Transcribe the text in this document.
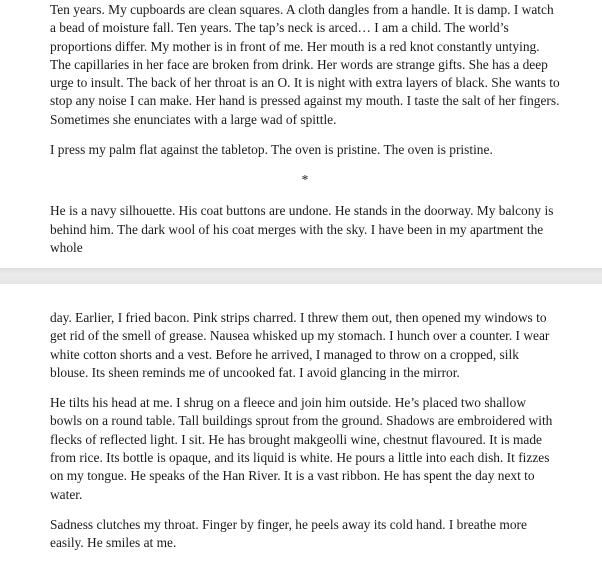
Ten years. My cupboards are clean squares. A cloth dangles from a handle. It is damp. I watch a bead of moisture fall. Ten years. The tap’s neck is arced… I am a child. The world’s proportions differ. My mother is in front of me. Her mouth is a red knot constantly untying. The capillaries in her face are broken from drink. Her words are strange gifts. She has a deep urge to insult. The back of her throat is an O. It is night with extra layers of black. She wants to stop any noise I can make. Her hand is pressed against my mouth. I taste the salt of her fingers. Sometimes she enunciates with a large wad of spittle.

I press my palm flat against the tabletop. The oven is pristine. The oven is pristine.

*

He is a navy silhouette. His coat buttons are undone. He stands in the doorway. My balcony is behind him. The dark wool of his coat merges with the sky. I have been in my apartment the whole

day. Earlier, I fried bacon. Pink strips charred. I threw them out, then opened my windows to get rid of the smell of grease. Nausea whisked up my stomach. I hunch over a counter. I wear white cotton shorts and a vest. Before he arrived, I managed to throw on a cropped, silk blouse. Its sheen reminds me of uncooked fat. I avoid glancing in the mirror.

He tilts his head at me. I shrug on a fleece and join him outside. He’s placed two shallow bowls on a round table. Tall buildings sprout from the ground. Shadows are embroidered with flecks of reflected light. I sit. He has brought makgeolli wine, chestnut flavoured. It is made from rice. Its bottle is opaque, and its liquid is white. He pours a little into each dish. It fizzes on my tongue. He speaks of the Han River. It is a vast ribbon. He has spent the day next to water.

Sadness clutches my throat. Finger by finger, he peels away its cold hand. I breathe more easily. He smiles at me.
